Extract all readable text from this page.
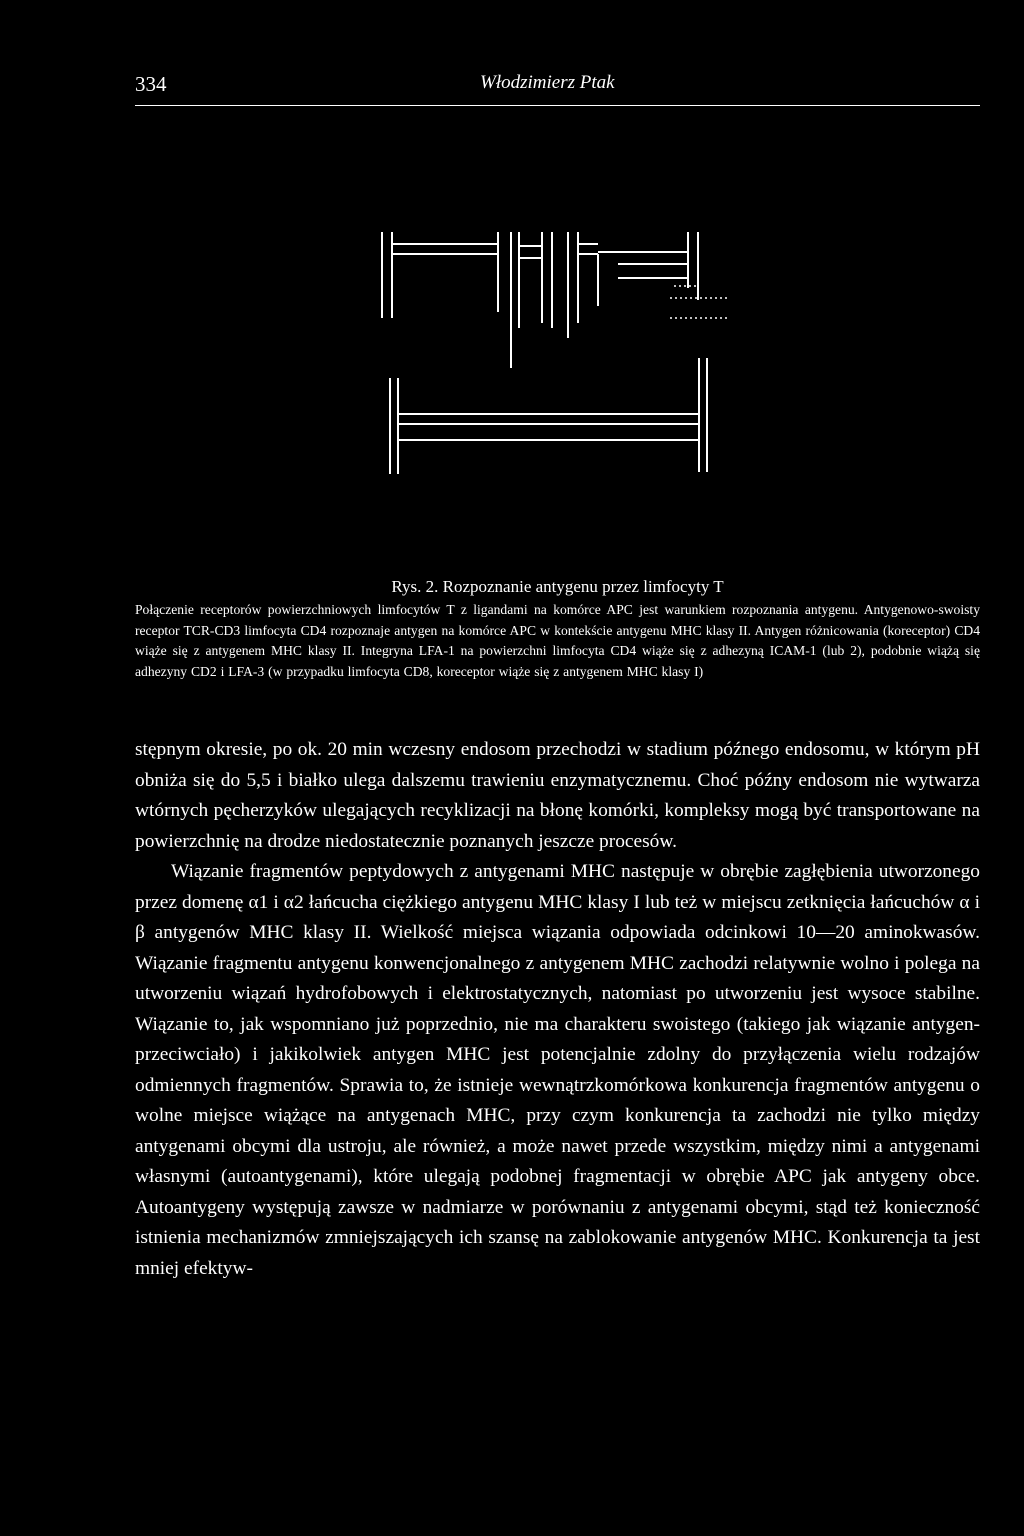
334	Włodzimierz Ptak
Rys. 2. Rozpoznanie antygenu przez limfocyty T
Połączenie receptorów powierzchniowych limfocytów T z ligandami na komórce APC jest warunkiem rozpoznania antygenu. Antygenowo-swoisty receptor TCR-CD3 limfocyta CD4 rozpoznaje antygen na komórce APC w kontekście antygenu MHC klasy II. Antygen różnicowania (koreceptor) CD4 wiąże się z antygenem MHC klasy II. Integryna LFA-1 na powierzchni limfocyta CD4 wiąże się z adhezyną ICAM-1 (lub 2), podobnie wiążą się adhezyny CD2 i LFA-3 (w przypadku limfocyta CD8, koreceptor wiąże się z antygenem MHC klasy I)

stępnym okresie, po ok. 20 min wczesny endosom przechodzi w stadium późnego endosomu, w którym pH obniża się do 5,5 i białko ulega dalszemu trawieniu enzymatycznemu. Choć późny endosom nie wytwarza wtórnych pęcherzyków ulegających recyklizacji na błonę komórki, kompleksy mogą być transportowane na powierzchnię na drodze niedostatecznie poznanych jeszcze procesów.

Wiązanie fragmentów peptydowych z antygenami MHC następuje w obrębie zagłębienia utworzonego przez domenę α1 i α2 łańcucha ciężkiego antygenu MHC klasy I lub też w miejscu zetknięcia łańcuchów α i β antygenów MHC klasy II. Wielkość miejsca wiązania odpowiada odcinkowi 10—20 aminokwasów. Wiązanie fragmentu antygenu konwencjonalnego z antygenem MHC zachodzi relatywnie wolno i polega na utworzeniu wiązań hydrofobowych i elektrostatycznych, natomiast po utworzeniu jest wysoce stabilne. Wiązanie to, jak wspomniano już poprzednio, nie ma charakteru swoistego (takiego jak wiązanie antygen-przeciwciało) i jakikolwiek antygen MHC jest potencjalnie zdolny do przyłączenia wielu rodzajów odmiennych fragmentów. Sprawia to, że istnieje wewnątrzkomórkowa konkurencja fragmentów antygenu o wolne miejsce wiążące na antygenach MHC, przy czym konkurencja ta zachodzi nie tylko między antygenami obcymi dla ustroju, ale również, a może nawet przede wszystkim, między nimi a antygenami własnymi (autoantygenami), które ulegają podobnej fragmentacji w obrębie APC jak antygeny obce. Autoantygeny występują zawsze w nadmiarze w porównaniu z antygenami obcymi, stąd też konieczność istnienia mechanizmów zmniejszających ich szansę na zablokowanie antygenów MHC. Konkurencja ta jest mniej efektyw-
